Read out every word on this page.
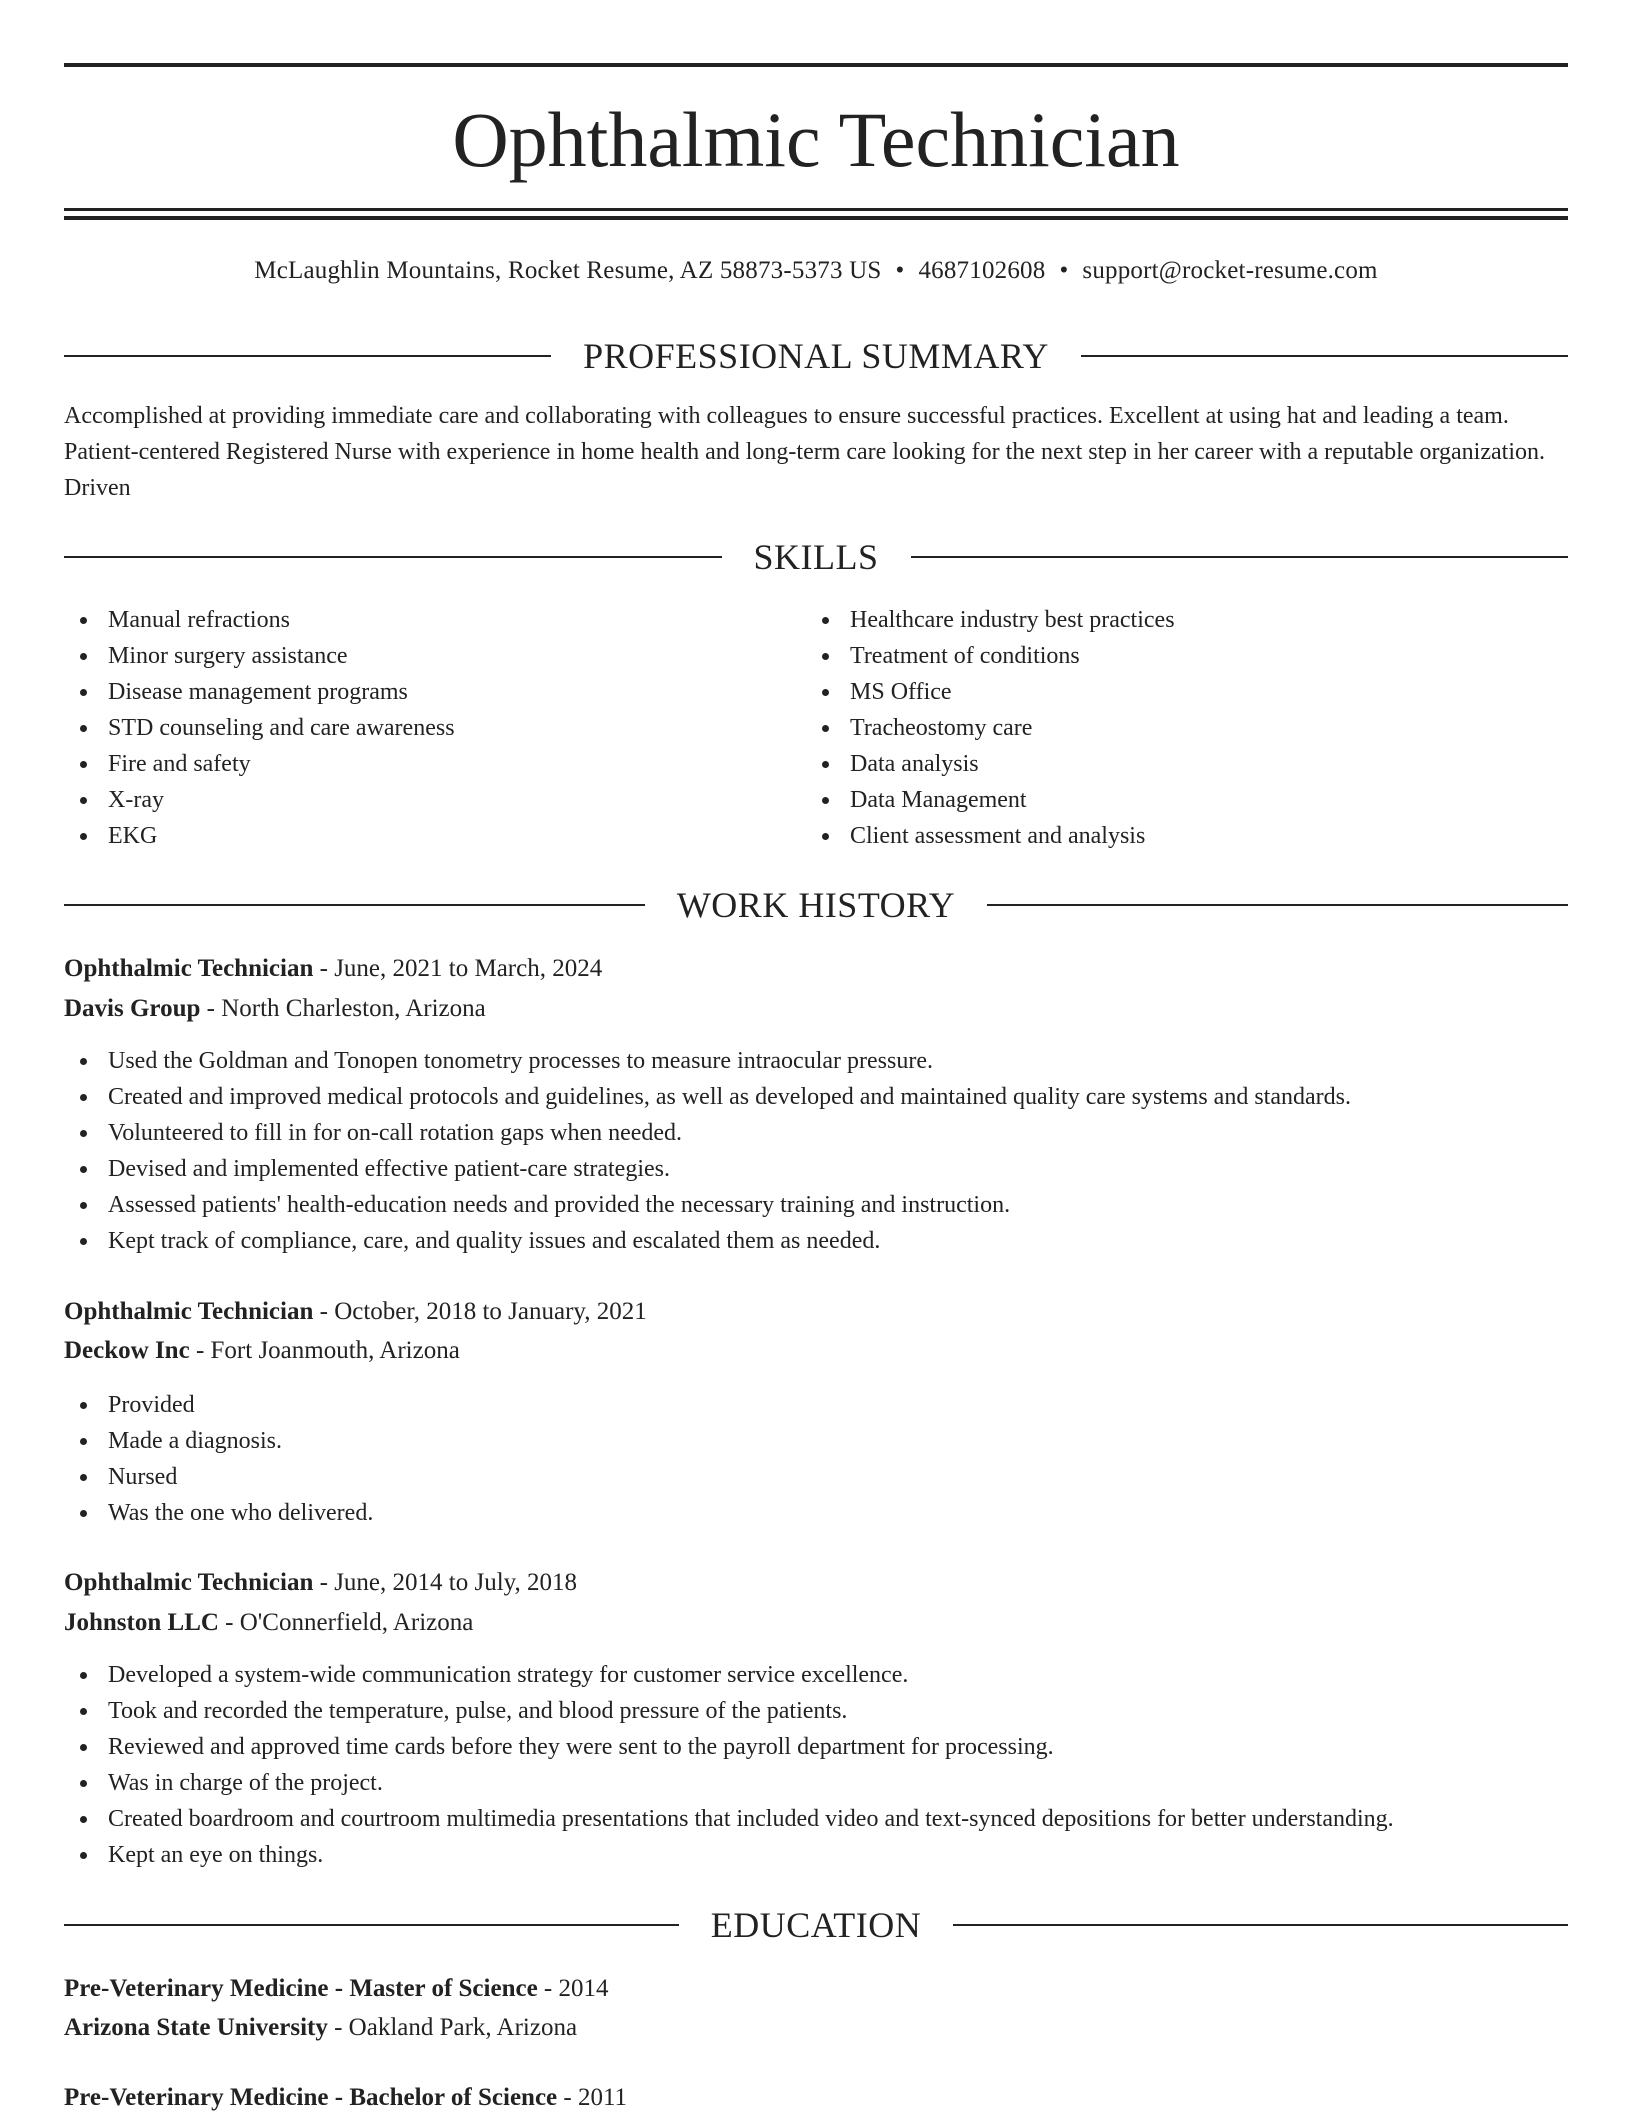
Ophthalmic Technician
McLaughlin Mountains, Rocket Resume, AZ 58873-5373 US • 4687102608 • support@rocket-resume.com
PROFESSIONAL SUMMARY

Accomplished at providing immediate care and collaborating with colleagues to ensure successful practices. Excellent at using hat and leading a team. Patient-centered Registered Nurse with experience in home health and long-term care looking for the next step in her career with a reputable organization. Driven

SKILLS
Manual refractions
Minor surgery assistance
Disease management programs
STD counseling and care awareness
Fire and safety
X-ray
EKG
Healthcare industry best practices
Treatment of conditions
MS Office
Tracheostomy care
Data analysis
Data Management
Client assessment and analysis
WORK HISTORY
Ophthalmic Technician - June, 2021 to March, 2024
Davis Group - North Charleston, Arizona
Used the Goldman and Tonopen tonometry processes to measure intraocular pressure.
Created and improved medical protocols and guidelines, as well as developed and maintained quality care systems and standards.
Volunteered to fill in for on-call rotation gaps when needed.
Devised and implemented effective patient-care strategies.
Assessed patients' health-education needs and provided the necessary training and instruction.
Kept track of compliance, care, and quality issues and escalated them as needed.
Ophthalmic Technician - October, 2018 to January, 2021
Deckow Inc - Fort Joanmouth, Arizona
Provided
Made a diagnosis.
Nursed
Was the one who delivered.
Ophthalmic Technician - June, 2014 to July, 2018
Johnston LLC - O'Connerfield, Arizona
Developed a system-wide communication strategy for customer service excellence.
Took and recorded the temperature, pulse, and blood pressure of the patients.
Reviewed and approved time cards before they were sent to the payroll department for processing.
Was in charge of the project.
Created boardroom and courtroom multimedia presentations that included video and text-synced depositions for better understanding.
Kept an eye on things.
EDUCATION
Pre-Veterinary Medicine - Master of Science - 2014
Arizona State University - Oakland Park, Arizona
Pre-Veterinary Medicine - Bachelor of Science - 2011
